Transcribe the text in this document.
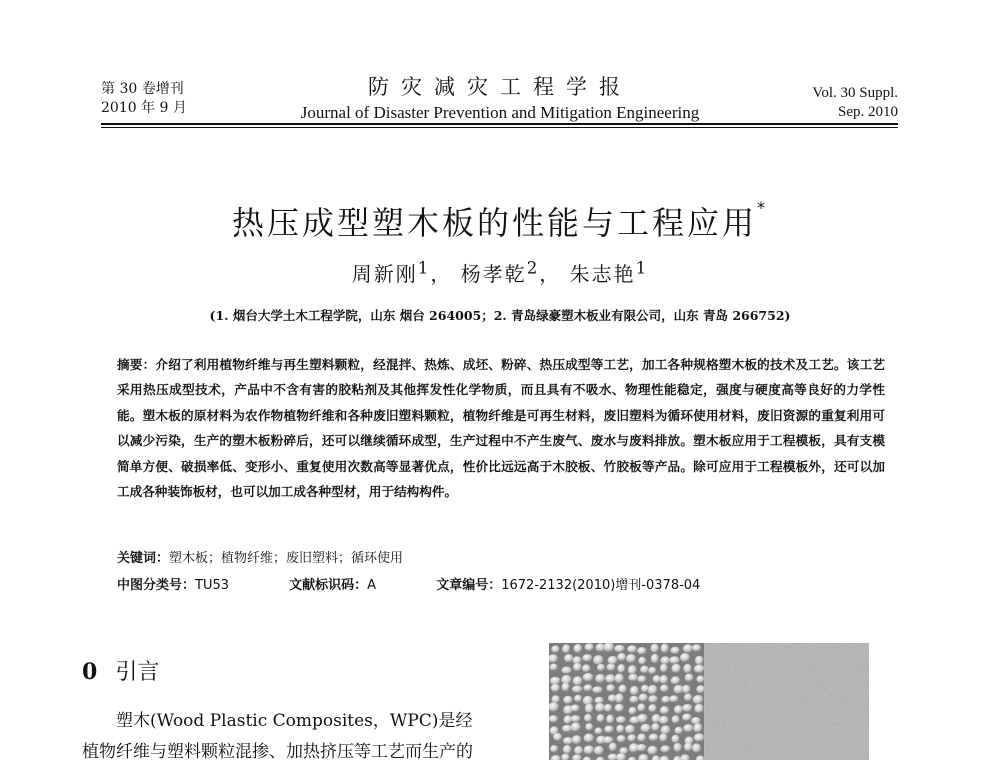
第 30 卷增刊
2010 年 9 月
防灾减灾工程学报
Journal of Disaster Prevention and Mitigation Engineering
Vol. 30 Suppl.
Sep. 2010
热压成型塑木板的性能与工程应用*
周新刚$^1$， 杨孝乾$^2$， 朱志艳$^1$
(1. 烟台大学土木工程学院，山东 烟台 264005；2. 青岛绿豪塑木板业有限公司，山东 青岛 266752)
摘要：介绍了利用植物纤维与再生塑料颗粒，经混拌、热炼、成坯、粉碎、热压成型等工艺，加工各种规格塑木板的技术及工艺。该工艺采用热压成型技术，产品中不含有害的胶粘剂及其他挥发性化学物质，而且具有不吸水、物理性能稳定，强度与硬度高等良好的力学性能。塑木板的原材料为农作物植物纤维和各种废旧塑料颗粒，植物纤维是可再生材料，废旧塑料为循环使用材料，废旧资源的重复利用可以减少污染，生产的塑木板粉碎后，还可以继续循环成型，生产过程中不产生废气、废水与废料排放。塑木板应用于工程模板，具有支模简单方便、破损率低、变形小、重复使用次数高等显著优点，性价比远远高于木胶板、竹胶板等产品。除可应用于工程模板外，还可以加工成各种装饰板材，也可以加工成各种型材，用于结构构件。
关键词：塑木板；植物纤维；废旧塑料；循环使用
中图分类号：TU53	文献标识码：A	文章编号：1672-2132(2010)增刊-0378-04
0 引言

塑木(Wood Plastic Composites，WPC)是经植物纤维与塑料颗粒混掺、加热挤压等工艺而生产的
